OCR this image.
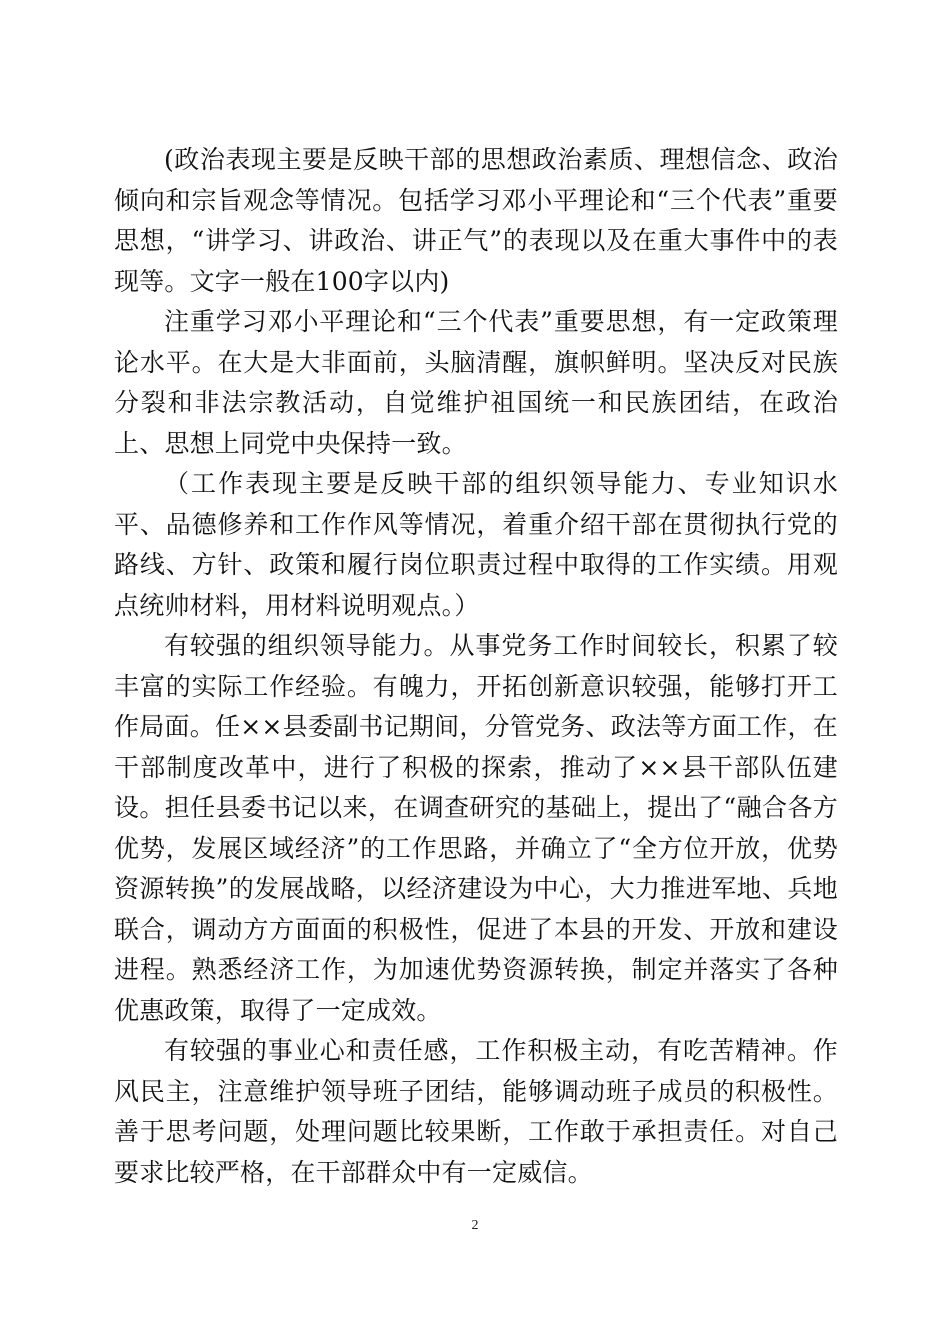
(政治表现主要是反映干部的思想政治素质、理想信念、政治倾向和宗旨观念等情况。包括学习邓小平理论和“三个代表”重要思想，“讲学习、讲政治、讲正气”的表现以及在重大事件中的表现等。文字一般在100字以内)

注重学习邓小平理论和“三个代表”重要思想，有一定政策理论水平。在大是大非面前，头脑清醒，旗帜鲜明。坚决反对民族分裂和非法宗教活动，自觉维护祖国统一和民族团结，在政治上、思想上同党中央保持一致。

（工作表现主要是反映干部的组织领导能力、专业知识水平、品德修养和工作作风等情况，着重介绍干部在贯彻执行党的路线、方针、政策和履行岗位职责过程中取得的工作实绩。用观点统帅材料，用材料说明观点。）

有较强的组织领导能力。从事党务工作时间较长，积累了较丰富的实际工作经验。有魄力，开拓创新意识较强，能够打开工作局面。任××县委副书记期间，分管党务、政法等方面工作，在干部制度改革中，进行了积极的探索，推动了××县干部队伍建设。担任县委书记以来，在调查研究的基础上，提出了“融合各方优势，发展区域经济”的工作思路，并确立了“全方位开放，优势资源转换”的发展战略，以经济建设为中心，大力推进军地、兵地联合，调动方方面面的积极性，促进了本县的开发、开放和建设进程。熟悉经济工作，为加速优势资源转换，制定并落实了各种优惠政策，取得了一定成效。

有较强的事业心和责任感，工作积极主动，有吃苦精神。作风民主，注意维护领导班子团结，能够调动班子成员的积极性。善于思考问题，处理问题比较果断，工作敢于承担责任。对自己要求比较严格，在干部群众中有一定威信。

2
